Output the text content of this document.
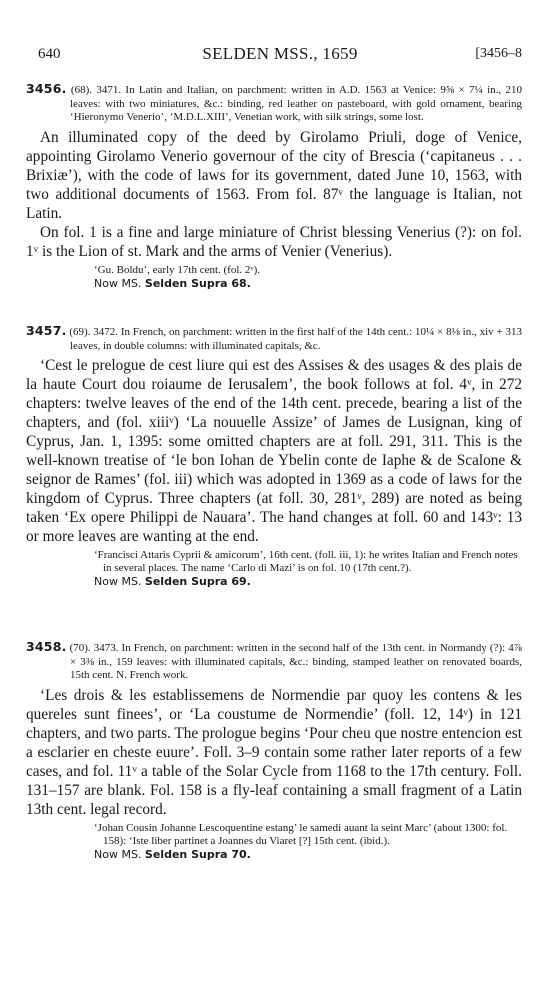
640	SELDEN MSS., 1659	[3456–8

3456. (68). 3471. In Latin and Italian, on parchment: written in A.D. 1563 at Venice: 9⅝ × 7¼ in., 210 leaves: with two miniatures, &c.: binding, red leather on pasteboard, with gold ornament, bearing ‘Hieronymo Venerio’, ‘M.D.L.XIII’, Venetian work, with silk strings, some lost.

An illuminated copy of the deed by Girolamo Priuli, doge of Venice, appointing Girolamo Venerio governour of the city of Brescia (‘capitaneus . . . Brixiæ’), with the code of laws for its government, dated June 10, 1563, with two additional documents of 1563. From fol. 87ᵛ the language is Italian, not Latin.

On fol. 1 is a fine and large miniature of Christ blessing Venerius (?): on fol. 1ᵛ is the Lion of st. Mark and the arms of Venier (Venerius).

‘Gu. Boldu’, early 17th cent. (fol. 2ᵛ).

Now MS. Selden Supra 68.

3457. (69). 3472. In French, on parchment: written in the first half of the 14th cent.: 10¼ × 8⅛ in., xiv + 313 leaves, in double columns: with illuminated capitals, &c.

‘Cest le prelogue de cest liure qui est des Assises & des usages & des plais de la haute Court dou roiaume de Ierusalem’, the book follows at fol. 4ᵛ, in 272 chapters: twelve leaves of the end of the 14th cent. precede, bearing a list of the chapters, and (fol. xiiiᵛ) ‘La nouuelle Assize’ of James de Lusignan, king of Cyprus, Jan. 1, 1395: some omitted chapters are at foll. 291, 311. This is the well-known treatise of ‘le bon Iohan de Ybelin conte de Iaphe & de Scalone & seignor de Rames’ (fol. iii) which was adopted in 1369 as a code of laws for the kingdom of Cyprus. Three chapters (at foll. 30, 281ᵛ, 289) are noted as being taken ‘Ex opere Philippi de Nauara’. The hand changes at foll. 60 and 143ᵛ: 13 or more leaves are wanting at the end.

‘Francisci Attaris Cyprii & amicorum’, 16th cent. (foll. iii, 1): he writes Italian and French notes in several places. The name ‘Carlo di Mazi’ is on fol. 10 (17th cent.?).

Now MS. Selden Supra 69.

3458. (70). 3473. In French, on parchment: written in the second half of the 13th cent. in Normandy (?): 4⅞ × 3⅜ in., 159 leaves: with illuminated capitals, &c.: binding, stamped leather on renovated boards, 15th cent. N. French work.

‘Les drois & les establissemens de Normendie par quoy les contens & les quereles sunt finees’, or ‘La coustume de Normendie’ (foll. 12, 14ᵛ) in 121 chapters, and two parts. The prologue begins ‘Pour cheu que nostre entencion est a esclarier en cheste euure’. Foll. 3–9 contain some rather later reports of a few cases, and fol. 11ᵛ a table of the Solar Cycle from 1168 to the 17th century. Foll. 131–157 are blank. Fol. 158 is a fly-leaf containing a small fragment of a Latin 13th cent. legal record.

‘Johan Cousin Johanne Lescoquentine estang’ le samedi auant la seint Marc’ (about 1300: fol. 158): ‘Iste liber partinet a Joannes du Viaret [?] 15th cent. (ibid.).

Now MS. Selden Supra 70.
